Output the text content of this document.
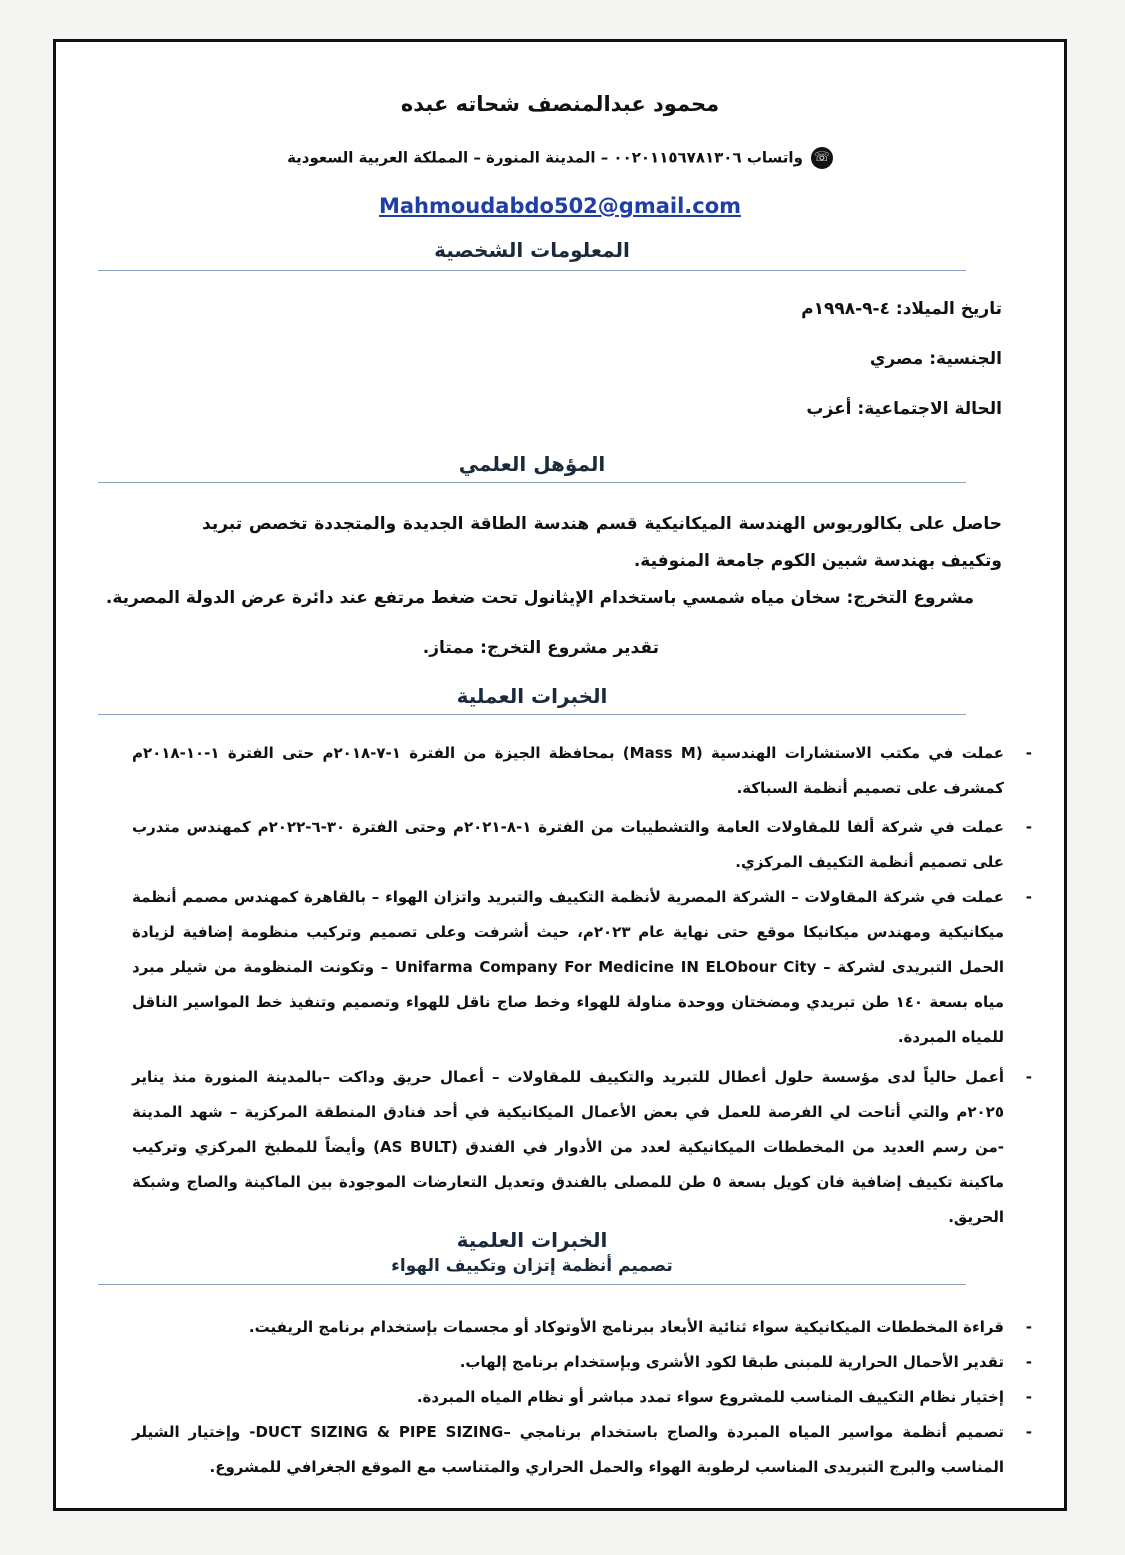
محمود عبدالمنصف شحاته عبده
☏واتساب ٠٠٢٠١١٥٦٧٨١٣٠٦ – المدينة المنورة – المملكة العربية السعودية
Mahmoudabdo502@gmail.com
المعلومات الشخصية
تاريخ الميلاد: ٤-٩-١٩٩٨م
الجنسية: مصري
الحالة الاجتماعية: أعزب
المؤهل العلمي
حاصل على بكالوريوس الهندسة الميكانيكية قسم هندسة الطاقة الجديدة والمتجددة تخصص تبريد وتكييف بهندسة شبين الكوم جامعة المنوفية.
مشروع التخرج: سخان مياه شمسي باستخدام الإيثانول تحت ضغط مرتفع عند دائرة عرض الدولة المصرية.
تقدير مشروع التخرج: ممتاز.
الخبرات العملية
-
عملت في مكتب الاستشارات الهندسية (Mass M) بمحافظة الجيزة من الفترة ١-٧-٢٠١٨م حتى الفترة ١-١٠-٢٠١٨م كمشرف على تصميم أنظمة السباكة.
-
عملت في شركة ألفا للمقاولات العامة والتشطيبات من الفترة ١-٨-٢٠٢١م وحتى الفترة ٣٠-٦-٢٠٢٢م كمهندس متدرب على تصميم أنظمة التكييف المركزي.
-
عملت في شركة المقاولات – الشركة المصرية لأنظمة التكييف والتبريد واتزان الهواء – بالقاهرة كمهندس مصمم أنظمة ميكانيكية ومهندس ميكانيكا موقع حتى نهاية عام ٢٠٢٣م، حيث أشرفت وعلى تصميم وتركيب منظومة إضافية لزيادة الحمل التبريدى لشركة – Unifarma Company For Medicine IN ELObour City – وتكونت المنظومة من شيلر مبرد مياه بسعة ١٤٠ طن تبريدي ومضختان ووحدة مناولة للهواء وخط صاج ناقل للهواء وتصميم وتنفيذ خط المواسير الناقل للمياه المبردة.
-
أعمل حالياً لدى مؤسسة حلول أعطال للتبريد والتكييف للمقاولات – أعمال حريق وداكت –بالمدينة المنورة منذ يناير ٢٠٢٥م والتي أتاحت لي الفرصة للعمل في بعض الأعمال الميكانيكية في أحد فنادق المنطقة المركزية – شهد المدينة -من رسم العديد من المخططات الميكانيكية لعدد من الأدوار في الفندق (AS BULT) وأيضاً للمطبخ المركزي وتركيب ماكينة تكييف إضافية فان كويل بسعة ٥ طن للمصلى بالفندق وتعديل التعارضات الموجودة بين الماكينة والصاج وشبكة الحريق.
الخبرات العلمية
تصميم أنظمة إتزان وتكييف الهواء
-
قراءة المخططات الميكانيكية سواء ثنائية الأبعاد ببرنامج الأوتوكاد أو مجسمات بإستخدام برنامج الريفيت.
-
تقدير الأحمال الحرارية للمبنى طبقا لكود الأشرى وبإستخدام برنامج إلهاب.
-
إختيار نظام التكييف المناسب للمشروع سواء تمدد مباشر أو نظام المياه المبردة.
-
تصميم أنظمة مواسير المياه المبردة والصاج باستخدام برنامجي –DUCT SIZING & PIPE SIZING- وإختيار الشيلر المناسب والبرج التبريدى المناسب لرطوبة الهواء والحمل الحراري والمتناسب مع الموقع الجغرافي للمشروع.
